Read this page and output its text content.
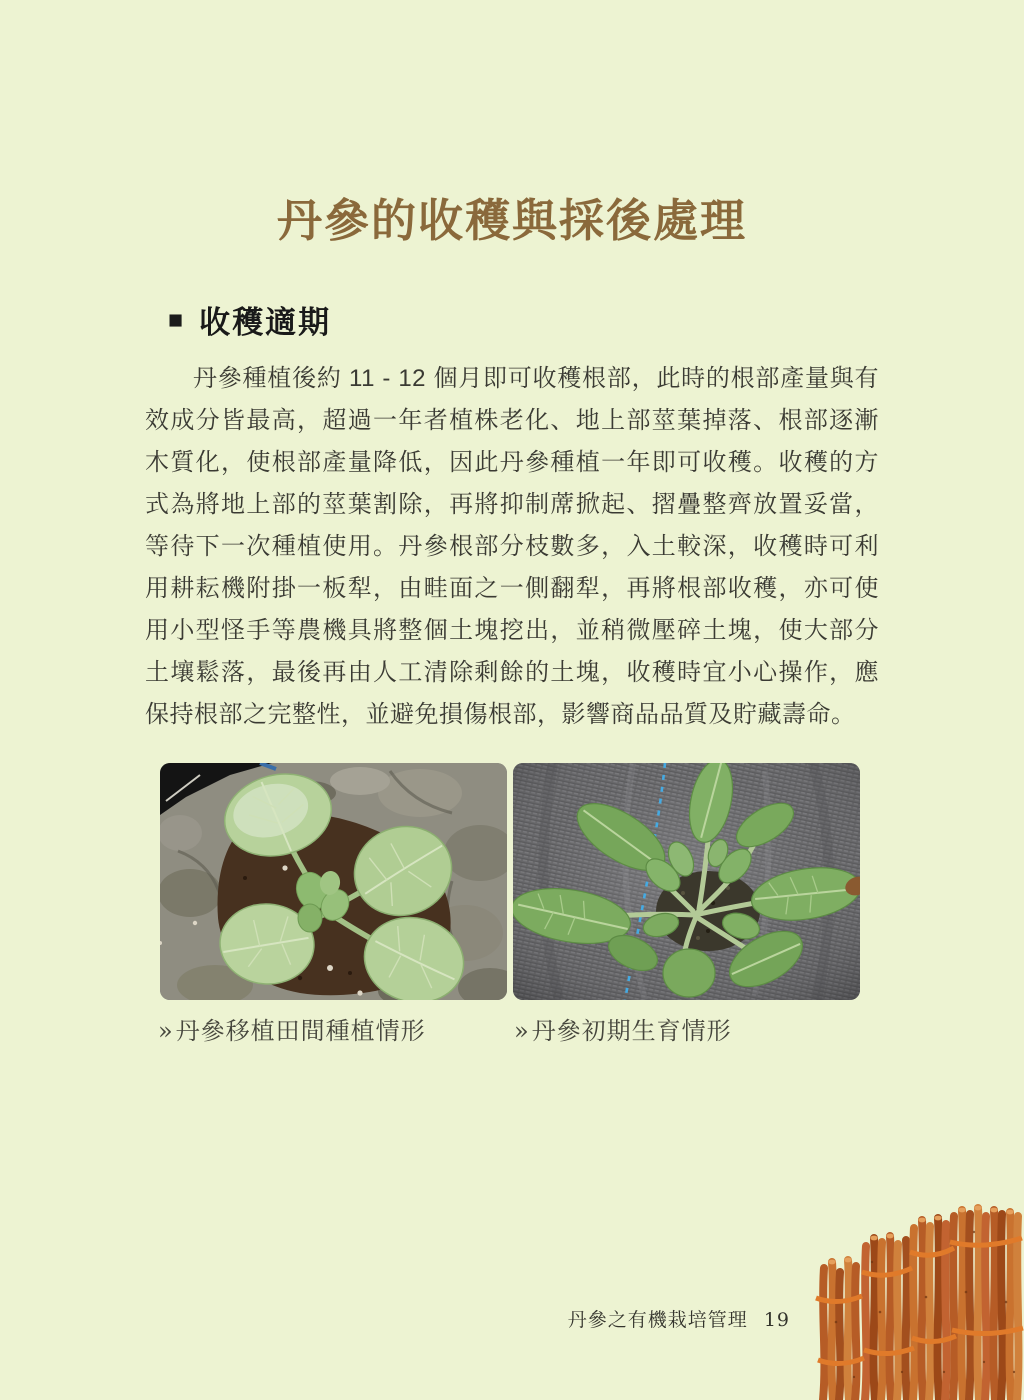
丹參的收穫與採後處理
■ 收穫適期
丹參種植後約 11 - 12 個月即可收穫根部，此時的根部產量與有效成分皆最高，超過一年者植株老化、地上部莖葉掉落、根部逐漸木質化，使根部產量降低，因此丹參種植一年即可收穫。收穫的方式為將地上部的莖葉割除，再將抑制蓆掀起、摺疊整齊放置妥當，等待下一次種植使用。丹參根部分枝數多，入土較深，收穫時可利用耕耘機附掛一板犁，由畦面之一側翻犁，再將根部收穫，亦可使用小型怪手等農機具將整個土塊挖出，並稍微壓碎土塊，使大部分土壤鬆落，最後再由人工清除剩餘的土塊，收穫時宜小心操作，應保持根部之完整性，並避免損傷根部，影響商品品質及貯藏壽命。
»丹參移植田間種植情形	»丹參初期生育情形
丹參之有機栽培管理 19
